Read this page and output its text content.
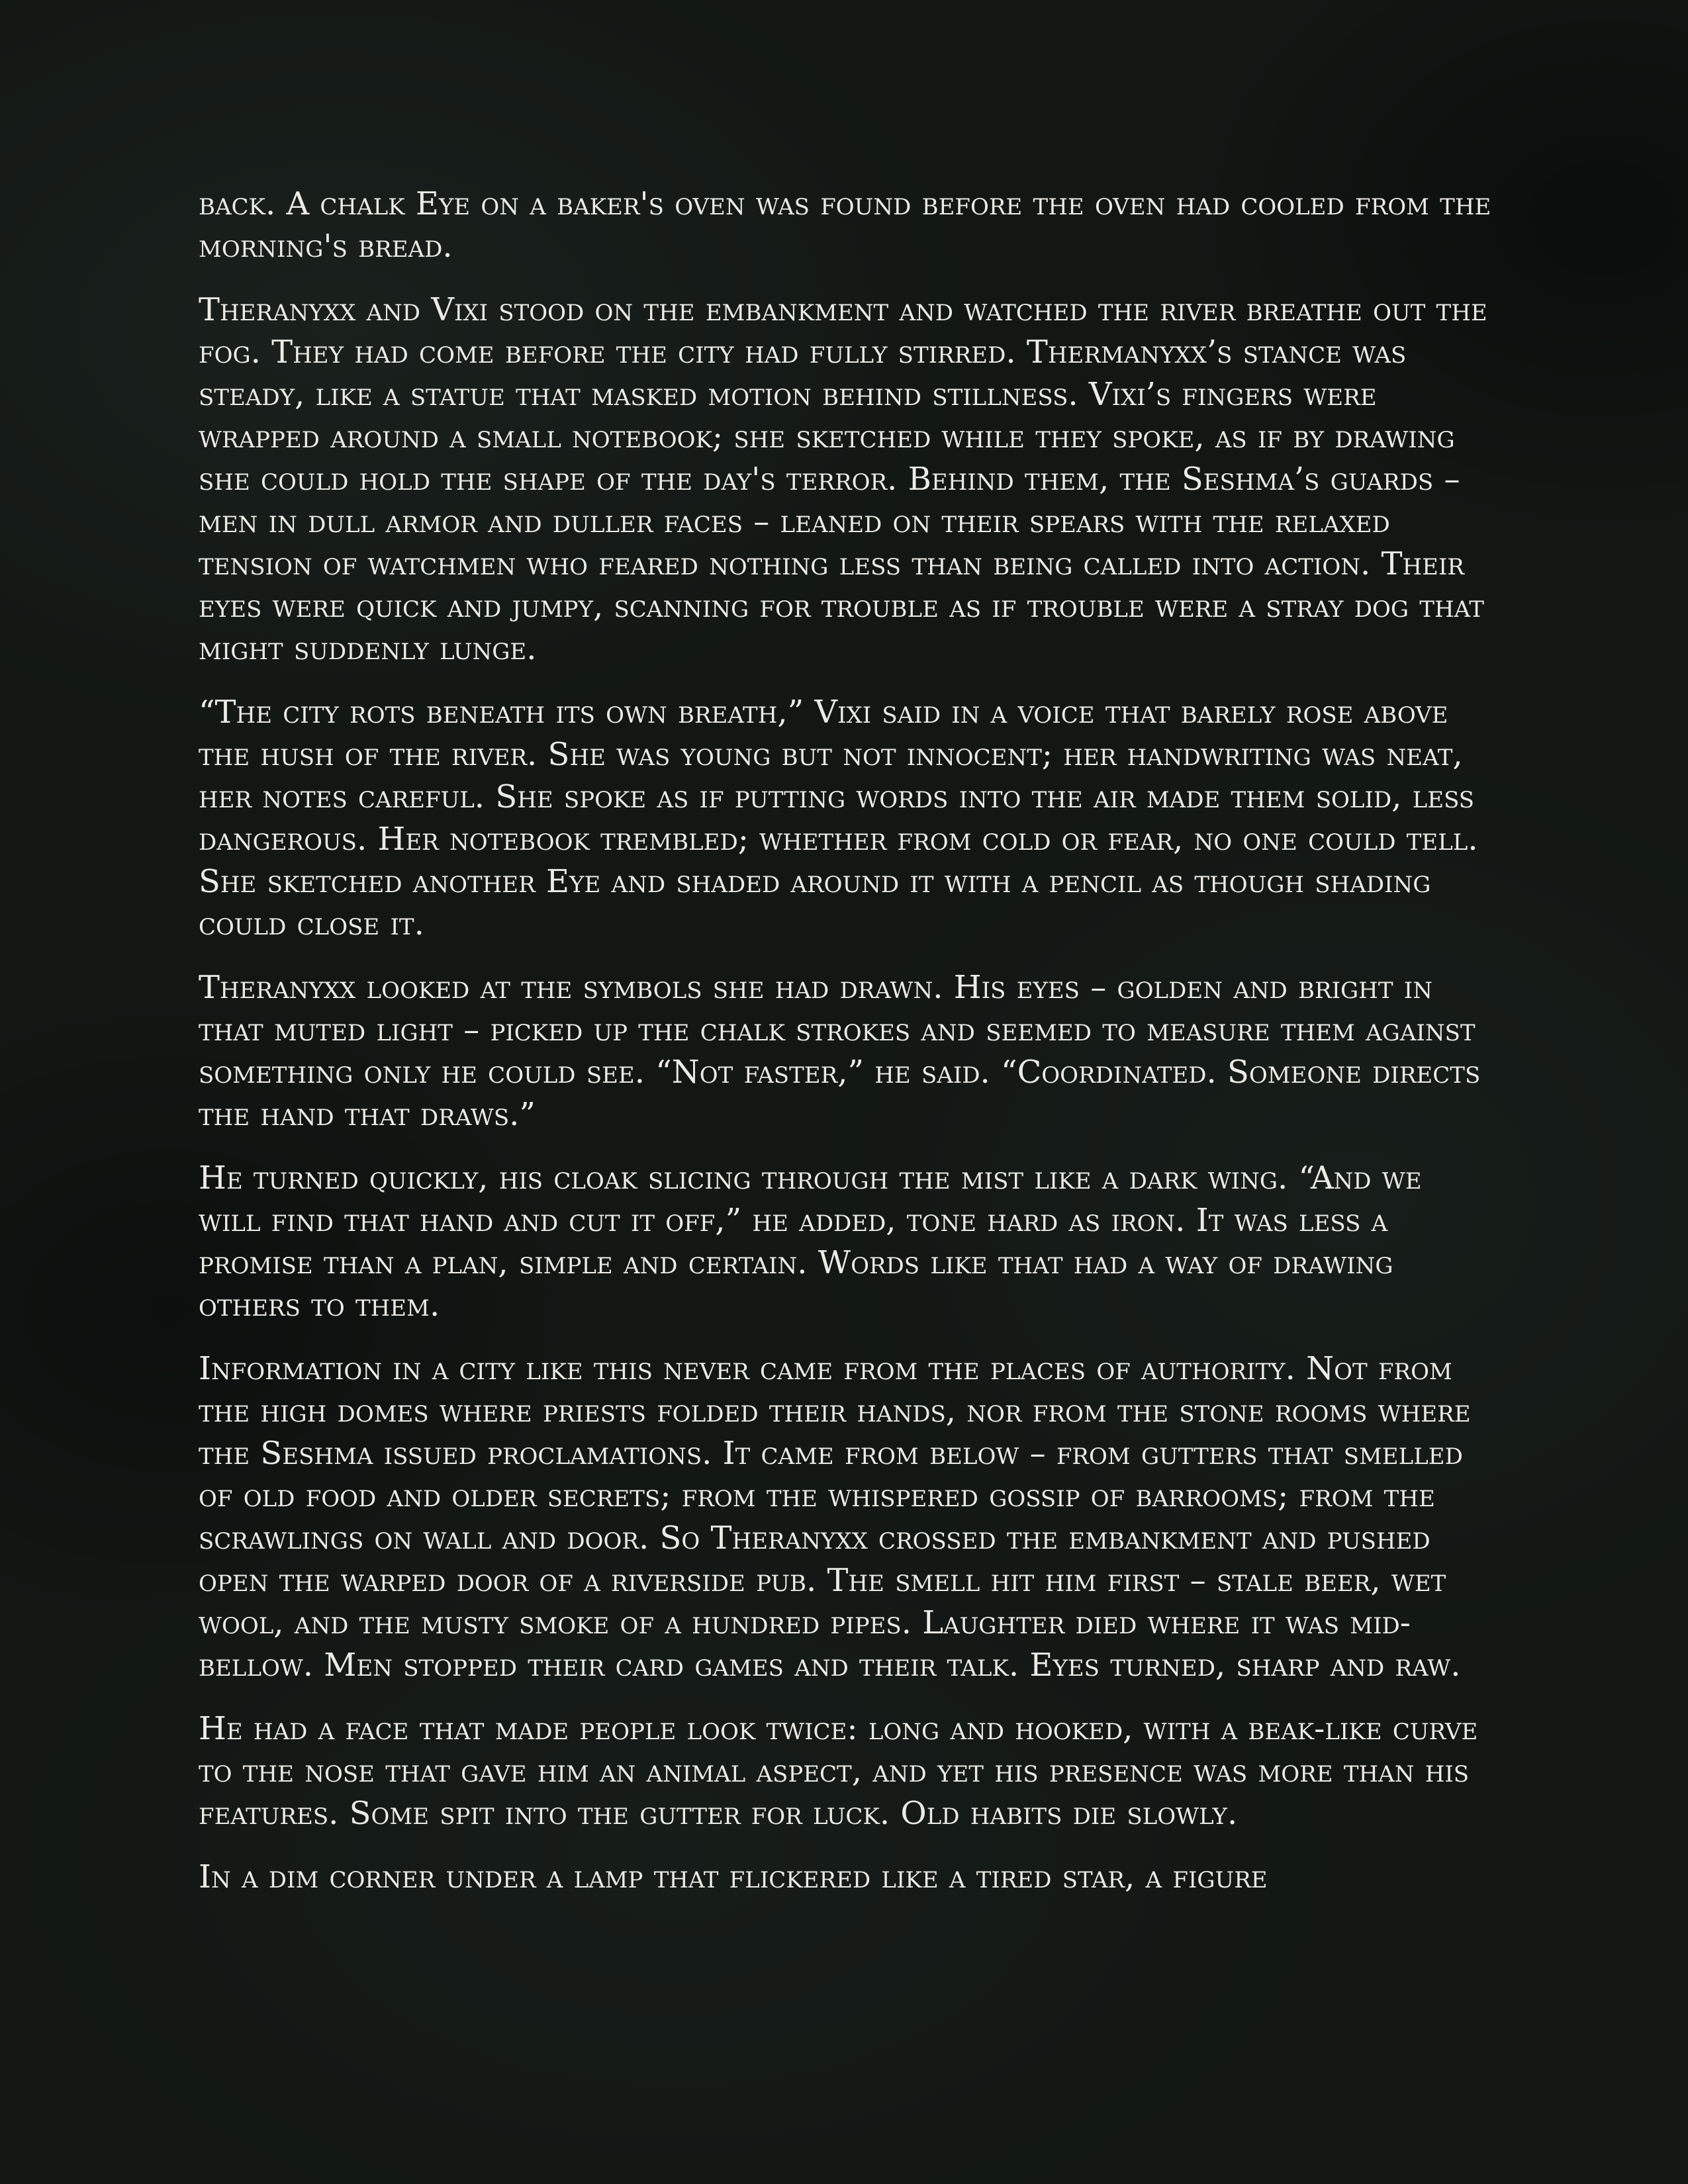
back. A chalk Eye on a baker's oven was found before the oven had cooled from the morning's bread.

Theranyxx and Vixi stood on the embankment and watched the river breathe out the fog. They had come before the city had fully stirred. Thermanyxx’s stance was steady, like a statue that masked motion behind stillness. Vixi’s fingers were wrapped around a small notebook; she sketched while they spoke, as if by drawing she could hold the shape of the day's terror. Behind them, the Seshma’s guards – men in dull armor and duller faces – leaned on their spears with the relaxed tension of watchmen who feared nothing less than being called into action. Their eyes were quick and jumpy, scanning for trouble as if trouble were a stray dog that might suddenly lunge.

“The city rots beneath its own breath,” Vixi said in a voice that barely rose above the hush of the river. She was young but not innocent; her handwriting was neat, her notes careful. She spoke as if putting words into the air made them solid, less dangerous. Her notebook trembled; whether from cold or fear, no one could tell. She sketched another Eye and shaded around it with a pencil as though shading could close it.

Theranyxx looked at the symbols she had drawn. His eyes – golden and bright in that muted light – picked up the chalk strokes and seemed to measure them against something only he could see. “Not faster,” he said. “Coordinated. Someone directs the hand that draws.”

He turned quickly, his cloak slicing through the mist like a dark wing. “And we will find that hand and cut it off,” he added, tone hard as iron. It was less a promise than a plan, simple and certain. Words like that had a way of drawing others to them.

Information in a city like this never came from the places of authority. Not from the high domes where priests folded their hands, nor from the stone rooms where the Seshma issued proclamations. It came from below – from gutters that smelled of old food and older secrets; from the whispered gossip of barrooms; from the scrawlings on wall and door. So Theranyxx crossed the embankment and pushed open the warped door of a riverside pub. The smell hit him first – stale beer, wet wool, and the musty smoke of a hundred pipes. Laughter died where it was mid-bellow. Men stopped their card games and their talk. Eyes turned, sharp and raw.

He had a face that made people look twice: long and hooked, with a beak-like curve to the nose that gave him an animal aspect, and yet his presence was more than his features. Some spit into the gutter for luck. Old habits die slowly.

In a dim corner under a lamp that flickered like a tired star, a figure
